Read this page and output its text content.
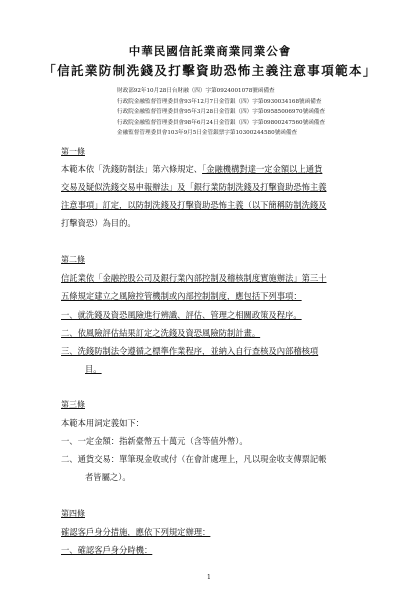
中華民國信託業商業同業公會
「信託業防制洗錢及打擊資助恐怖主義注意事項範本」
財政部92年10月28日台財融（四）字第0924001078號函備查
行政院金融監督管理委員會93年12月7日金管銀（四）字第0930034168號函備查
行政院金融監督管理委員會95年3月28日金管銀（四）字第09585006970號函備查
行政院金融監督管理委員會98年6月24日金管銀（四）字第09800247560號函備查
金融監督管理委員會103年9月5日金管銀票字第10300244580號函備查
第一條
本範本依「洗錢防制法」第六條規定、「金融機構對達一定金額以上通貨
交易及疑似洗錢交易申報辦法」及「銀行業防制洗錢及打擊資助恐怖主義
注意事項」訂定，以防制洗錢及打擊資助恐怖主義（以下簡稱防制洗錢及
打擊資恐）為目的。
第二條
信託業依「金融控股公司及銀行業內部控制及稽核制度實施辦法」第三十
五條規定建立之風險控管機制或內部控制制度，應包括下列事項：
一、就洗錢及資恐風險進行辨識、評估、管理之相關政策及程序。
二、依風險評估結果訂定之洗錢及資恐風險防制計畫。
三、洗錢防制法令遵循之標準作業程序，並納入自行查核及內部稽核項
目。
第三條
本範本用詞定義如下：
一、一定金額：指新臺幣五十萬元（含等值外幣）。
二、通貨交易：單筆現金收或付（在會計處理上，凡以現金收支傳票記帳
者皆屬之）。
第四條
確認客戶身分措施，應依下列規定辦理：
一、確認客戶身分時機：
1
